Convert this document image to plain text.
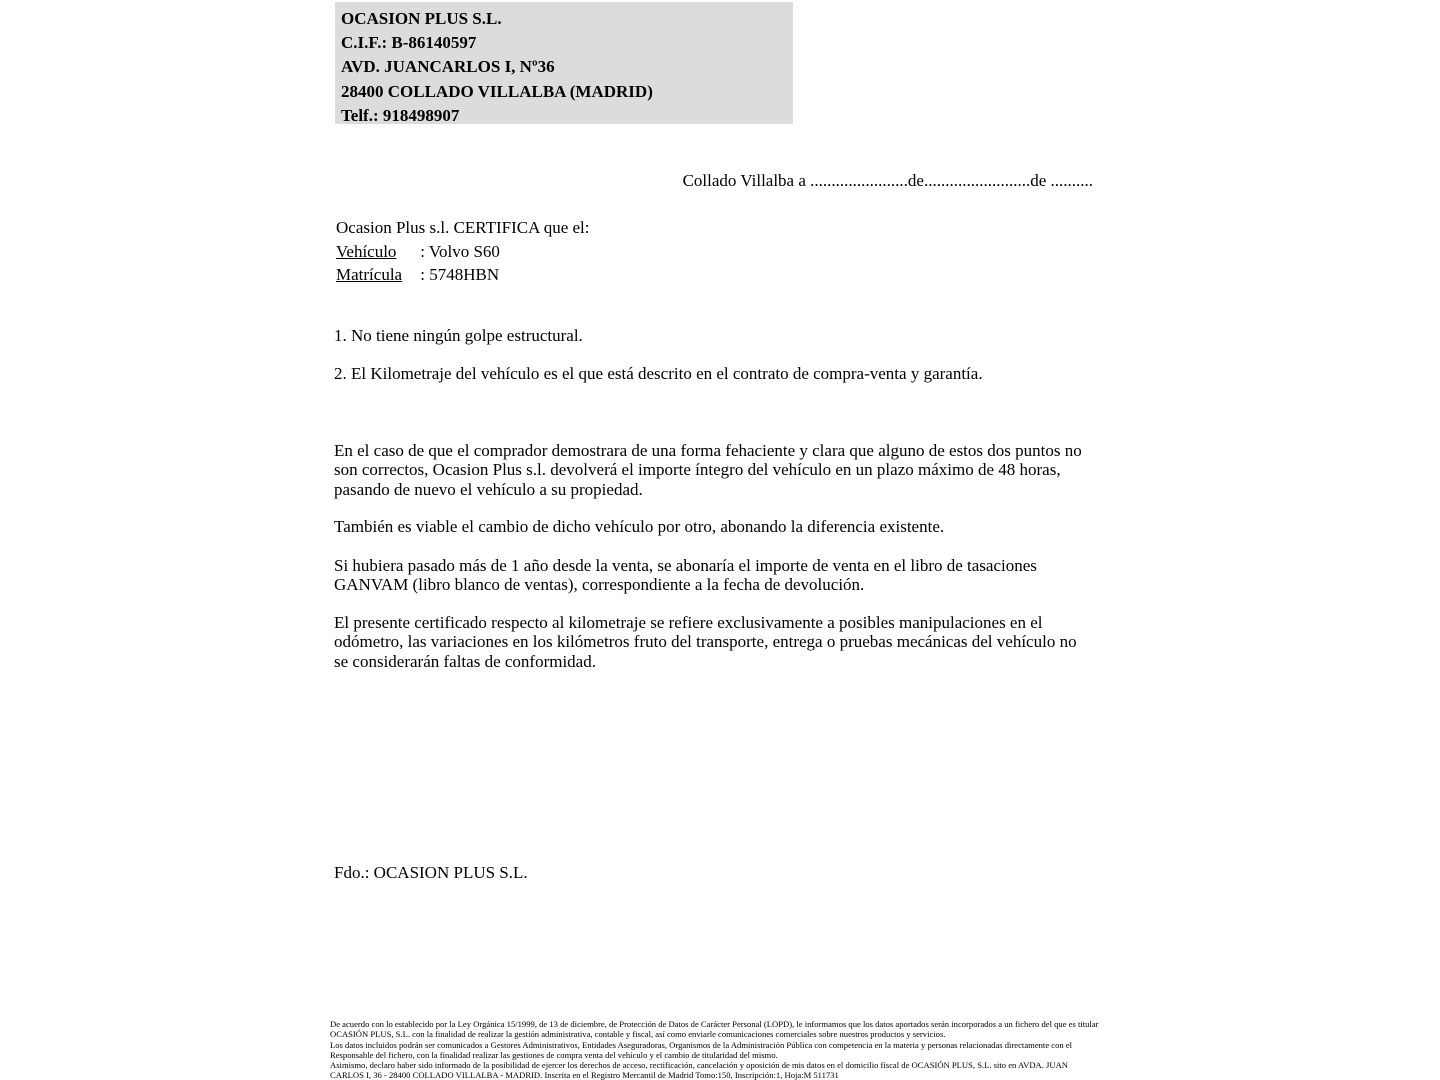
OCASION PLUS S.L.
C.I.F.: B-86140597
AVD. JUANCARLOS I, Nº36
28400 COLLADO VILLALBA (MADRID)
Telf.: 918498907
Collado Villalba a .......................de.........................de ..........
Ocasion Plus s.l. CERTIFICA que el:
Vehículo : Volvo S60
Matrícula : 5748HBN
1. No tiene ningún golpe estructural.
2. El Kilometraje del vehículo es el que está descrito en el contrato de compra-venta y garantía.
En el caso de que el comprador demostrara de una forma fehaciente y clara que alguno de estos dos puntos no son correctos, Ocasion Plus s.l. devolverá el importe íntegro del vehículo en un plazo máximo de 48 horas, pasando de nuevo el vehículo a su propiedad.
También es viable el cambio de dicho vehículo por otro, abonando la diferencia existente.
Si hubiera pasado más de 1 año desde la venta, se abonaría el importe de venta en el libro de tasaciones GANVAM (libro blanco de ventas), correspondiente a la fecha de devolución.
El presente certificado respecto al kilometraje se refiere exclusivamente a posibles manipulaciones en el odómetro, las variaciones en los kilómetros fruto del transporte, entrega o pruebas mecánicas del vehículo no se considerarán faltas de conformidad.
Fdo.: OCASION PLUS S.L.

De acuerdo con lo establecido por la Ley Orgánica 15/1999, de 13 de diciembre, de Protección de Datos de Carácter Personal (LOPD), le informamos que los datos aportados serán incorporados a un fichero del que es titular OCASIÓN PLUS, S.L. con la finalidad de realizar la gestión administrativa, contable y fiscal, así como enviarle comunicaciones comerciales sobre nuestros productos y servicios.

Los datos incluidos podrán ser comunicados a Gestores Administrativos, Entidades Aseguradoras, Organismos de la Administración Pública con competencia en la materia y personas relacionadas directamente con el Responsable del fichero, con la finalidad realizar las gestiones de compra venta del vehículo y el cambio de titularidad del mismo.

Asimismo, declaro haber sido informado de la posibilidad de ejercer los derechos de acceso, rectificación, cancelación y oposición de mis datos en el domicilio fiscal de OCASIÓN PLUS, S.L. sito en AVDA. JUAN CARLOS I, 36 - 28400 COLLADO VILLALBA - MADRID. Inscrita en el Registro Mercantil de Madrid Tomo:150, Inscripción:1, Hoja:M 511731
